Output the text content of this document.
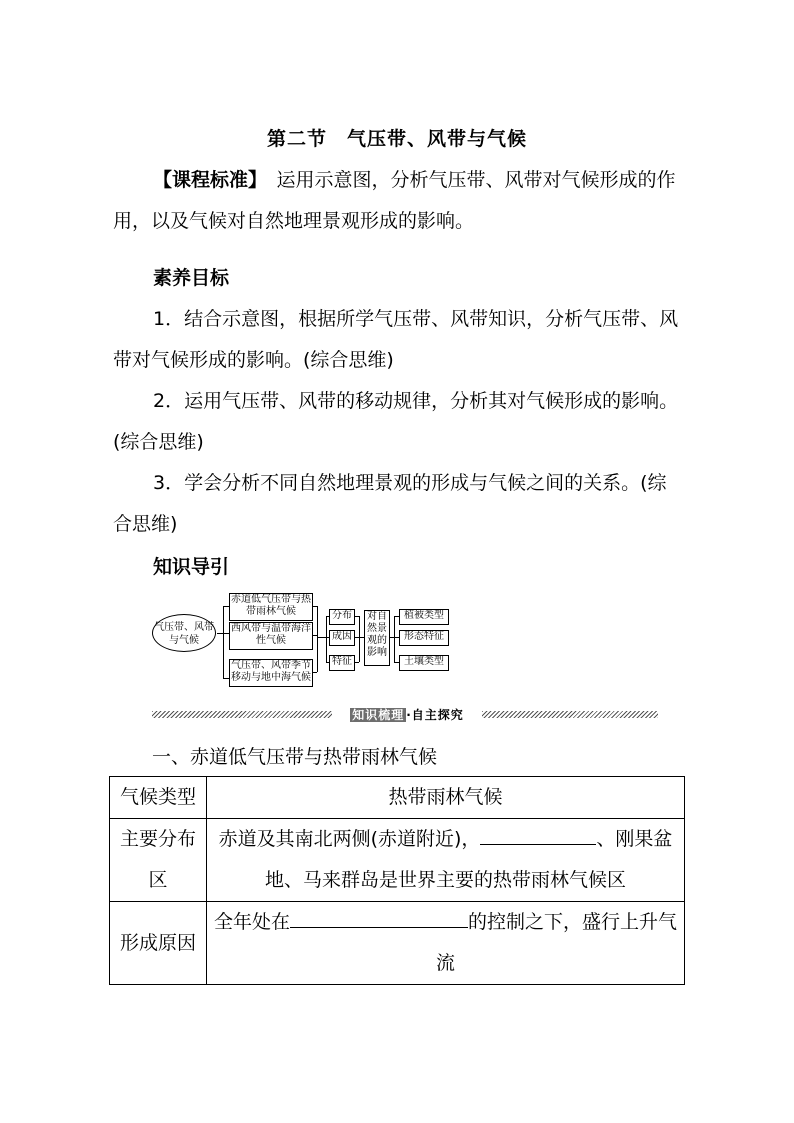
第二节　气压带、风带与气候
【课程标准】　运用示意图，分析气压带、风带对气候形成的作用，以及气候对自然地理景观形成的影响。
素养目标
1．结合示意图，根据所学气压带、风带知识，分析气压带、风带对气候形成的影响。(综合思维)
2．运用气压带、风带的移动规律，分析其对气候形成的影响。(综合思维)
3．学会分析不同自然地理景观的形成与气候之间的关系。(综合思维)
知识导引
气压带、风带与气候
赤道低气压带与热带雨林气候
西风带与温带海洋性气候
气压带、风带季节移动与地中海气候
分布
成因
特征
对自然景观的影响
植被类型
形态特征
土壤类型
知识梳理 ·自主探究
一、赤道低气压带与热带雨林气候
气候类型	热带雨林气候
主要分布区	赤道及其南北两侧(赤道附近)， 、刚果盆地、马来群岛是世界主要的热带雨林气候区
形成原因	全年处在 的控制之下，盛行上升气流
